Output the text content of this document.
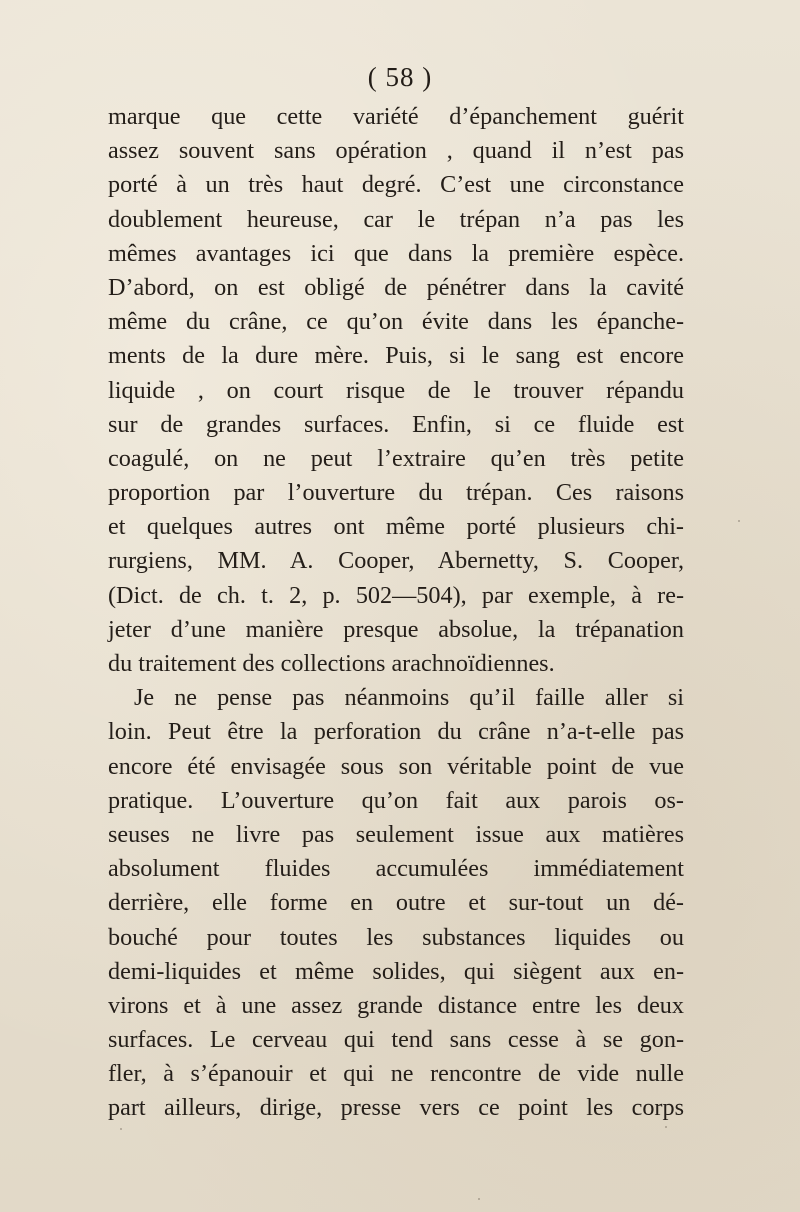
( 58 )
marque que cette variété d’épanchement guérit
assez souvent sans opération , quand il n’est pas
porté à un très haut degré. C’est une circonstance
doublement heureuse, car le trépan n’a pas les
mêmes avantages ici que dans la première espèce.
D’abord, on est obligé de pénétrer dans la cavité
même du crâne, ce qu’on évite dans les épanche-
ments de la dure mère. Puis, si le sang est encore
liquide , on court risque de le trouver répandu
sur de grandes surfaces. Enfin, si ce fluide est
coagulé, on ne peut l’extraire qu’en très petite
proportion par l’ouverture du trépan. Ces raisons
et quelques autres ont même porté plusieurs chi-
rurgiens, MM. A. Cooper, Abernetty, S. Cooper,
(Dict. de ch. t. 2, p. 502—504), par exemple, à re-
jeter d’une manière presque absolue, la trépanation
du traitement des collections arachnoïdiennes.
Je ne pense pas néanmoins qu’il faille aller si
loin. Peut être la perforation du crâne n’a-t-elle pas
encore été envisagée sous son véritable point de vue
pratique. L’ouverture qu’on fait aux parois os-
seuses ne livre pas seulement issue aux matières
absolument fluides accumulées immédiatement
derrière, elle forme en outre et sur-tout un dé-
bouché pour toutes les substances liquides ou
demi-liquides et même solides, qui siègent aux en-
virons et à une assez grande distance entre les deux
surfaces. Le cerveau qui tend sans cesse à se gon-
fler, à s’épanouir et qui ne rencontre de vide nulle
part ailleurs, dirige, presse vers ce point les corps
